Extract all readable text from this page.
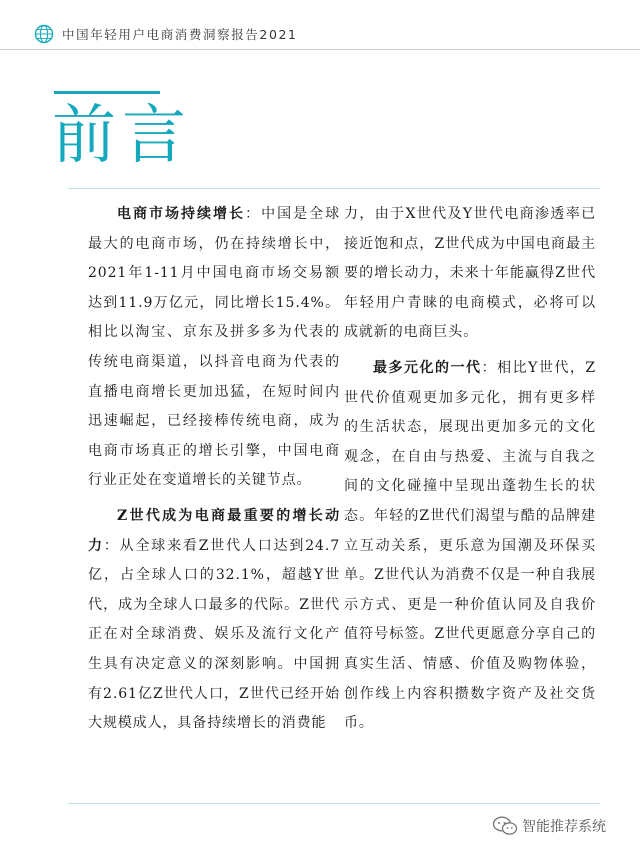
中国年轻用户电商消费洞察报告2021
前言

电商市场持续增长：中国是全球最大的电商市场，仍在持续增长中，2021年1-11月中国电商市场交易额达到11.9万亿元，同比增长15.4%。相比以淘宝、京东及拼多多为代表的传统电商渠道，以抖音电商为代表的直播电商增长更加迅猛，在短时间内迅速崛起，已经接棒传统电商，成为电商市场真正的增长引擎，中国电商行业正处在变道增长的关键节点。

Z世代成为电商最重要的增长动力：从全球来看Z世代人口达到24.7亿，占全球人口的32.1%，超越Y世代，成为全球人口最多的代际。Z世代正在对全球消费、娱乐及流行文化产生具有决定意义的深刻影响。中国拥有2.61亿Z世代人口，Z世代已经开始大规模成人，具备持续增长的消费能

力，由于X世代及Y世代电商渗透率已接近饱和点，Z世代成为中国电商最主要的增长动力，未来十年能赢得Z世代年轻用户青睐的电商模式，必将可以成就新的电商巨头。

最多元化的一代：相比Y世代，Z世代价值观更加多元化，拥有更多样的生活状态，展现出更加多元的文化观念，在自由与热爱、主流与自我之间的文化碰撞中呈现出蓬勃生长的状态。年轻的Z世代们渴望与酷的品牌建立互动关系，更乐意为国潮及环保买单。Z世代认为消费不仅是一种自我展示方式、更是一种价值认同及自我价值符号标签。Z世代更愿意分享自己的真实生活、情感、价值及购物体验，创作线上内容积攒数字资产及社交货币。

智能推荐系统
